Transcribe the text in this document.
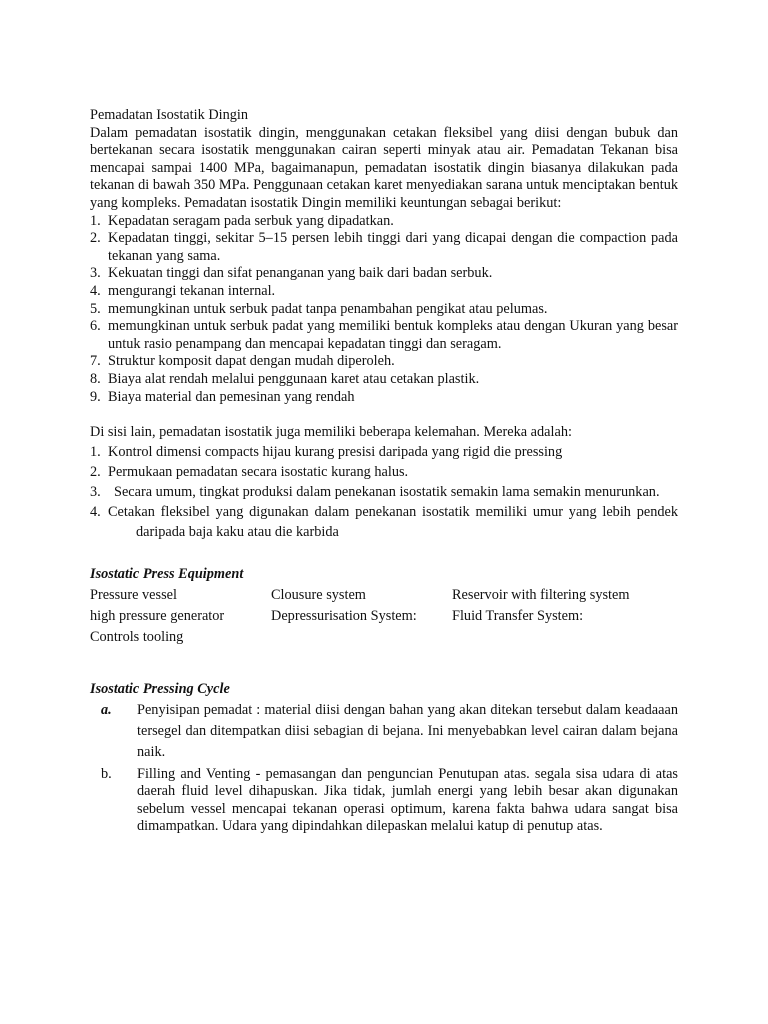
Pemadatan Isostatik Dingin

Dalam pemadatan isostatik dingin, menggunakan cetakan fleksibel yang diisi dengan bubuk dan bertekanan secara isostatik menggunakan cairan seperti minyak atau air. Pemadatan Tekanan bisa mencapai sampai 1400 MPa, bagaimanapun, pemadatan isostatik dingin biasanya dilakukan pada tekanan di bawah 350 MPa. Penggunaan cetakan karet menyediakan sarana untuk menciptakan bentuk yang kompleks. Pemadatan isostatik Dingin memiliki keuntungan sebagai berikut:

1. Kepadatan seragam pada serbuk yang dipadatkan.
2. Kepadatan tinggi, sekitar 5–15 persen lebih tinggi dari yang dicapai dengan die compaction pada tekanan yang sama.
3. Kekuatan tinggi dan sifat penanganan yang baik dari badan serbuk.
4. mengurangi tekanan internal.
5. memungkinan untuk serbuk padat tanpa penambahan pengikat atau pelumas.
6. memungkinan untuk serbuk padat yang memiliki bentuk kompleks atau dengan Ukuran yang besar untuk rasio penampang dan mencapai kepadatan tinggi dan seragam.
7. Struktur komposit dapat dengan mudah diperoleh.
8. Biaya alat rendah melalui penggunaan karet atau cetakan plastik.
9. Biaya material dan pemesinan yang rendah

Di sisi lain, pemadatan isostatik juga memiliki beberapa kelemahan. Mereka adalah:

1. Kontrol dimensi compacts hijau kurang presisi daripada yang rigid die pressing
2. Permukaan pemadatan secara isostatic kurang halus.
3. Secara umum, tingkat produksi dalam penekanan isostatik semakin lama semakin menurunkan.
4. Cetakan fleksibel yang digunakan dalam penekanan isostatik memiliki umur yang lebih pendek daripada baja kaku atau die karbida

Isostatic Press Equipment

Pressure vessel	Clousure system	Reservoir with filtering system
high pressure generator	Depressurisation System:	Fluid Transfer System:
Controls tooling

Isostatic Pressing Cycle

a. Penyisipan pemadat : material diisi dengan bahan yang akan ditekan tersebut dalam keadaaan tersegel dan ditempatkan diisi sebagian di bejana. Ini menyebabkan level cairan dalam bejana naik.
b. Filling and Venting - pemasangan dan penguncian Penutupan atas. segala sisa udara di atas daerah fluid level dihapuskan. Jika tidak, jumlah energi yang lebih besar akan digunakan sebelum vessel mencapai tekanan operasi optimum, karena fakta bahwa udara sangat bisa dimampatkan. Udara yang dipindahkan dilepaskan melalui katup di penutup atas.
